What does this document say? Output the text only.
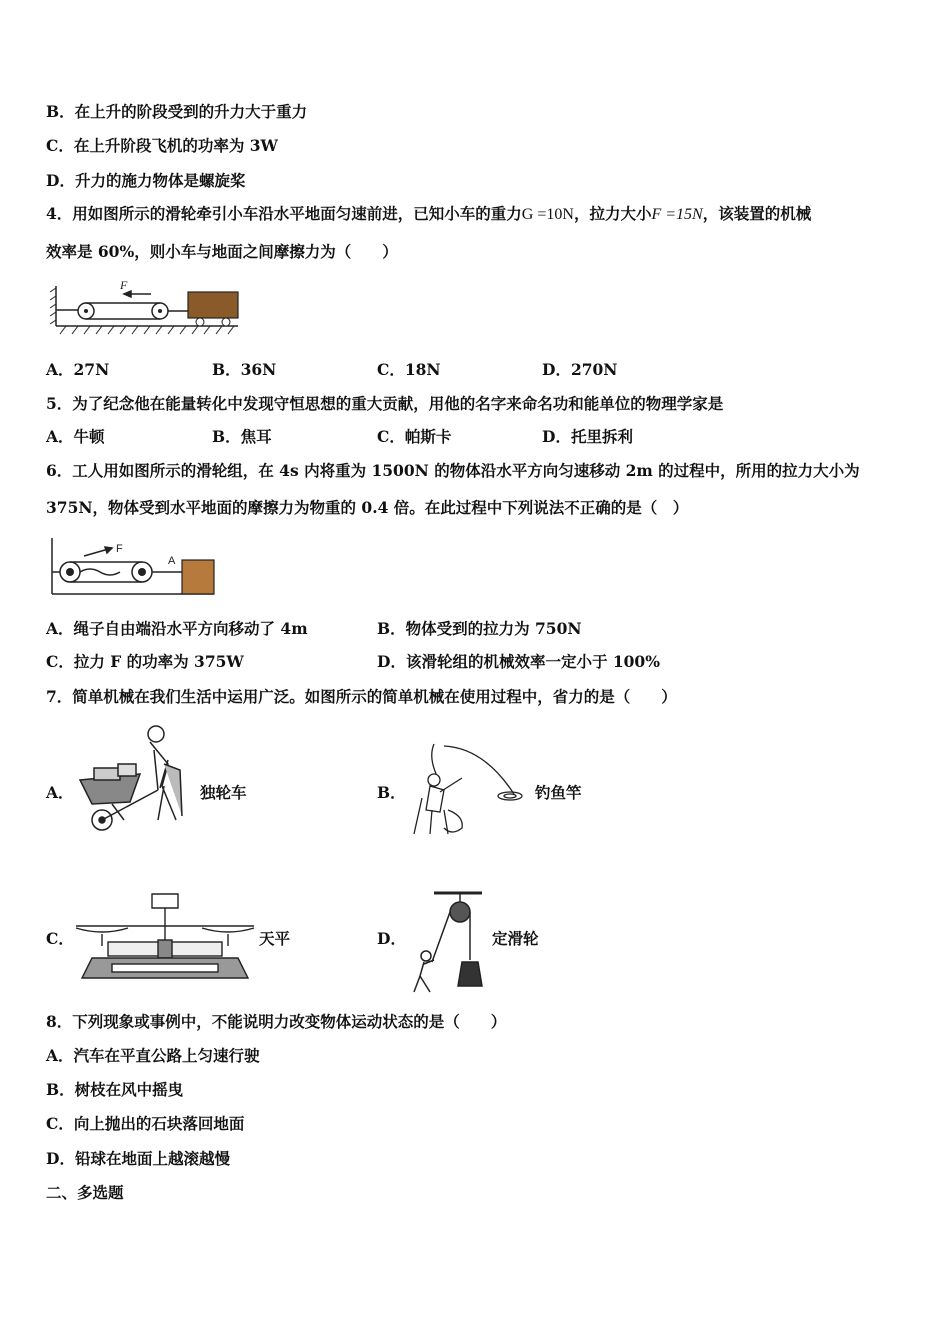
B．在上升的阶段受到的升力大于重力
C．在上升阶段飞机的功率为 3W
D．升力的施力物体是螺旋桨
4．用如图所示的滑轮牵引小车沿水平地面匀速前进，已知小车的重力G =10N，拉力大小F =15N，该装置的机械
效率是 60%，则小车与地面之间摩擦力为（　　）
F
A．27N	B．36N	C．18N	D．270N
5．为了纪念他在能量转化中发现守恒思想的重大贡献，用他的名字来命名功和能单位的物理学家是
A．牛顿	B．焦耳	C．帕斯卡	D．托里拆利
6．工人用如图所示的滑轮组，在 4s 内将重为 1500N 的物体沿水平方向匀速移动 2m 的过程中，所用的拉力大小为
375N，物体受到水平地面的摩擦力为物重的 0.4 倍。在此过程中下列说法不正确的是（　）
F
A
A．绳子自由端沿水平方向移动了 4m	B．物体受到的拉力为 750N
C．拉力 F 的功率为 375W	D．该滑轮组的机械效率一定小于 100%
7．简单机械在我们生活中运用广泛。如图所示的简单机械在使用过程中，省力的是（　　）
A．	独轮车	B．	钓鱼竿
C．	天平	D．	定滑轮
8．下列现象或事例中，不能说明力改变物体运动状态的是（　　）
A．汽车在平直公路上匀速行驶
B．树枝在风中摇曳
C．向上抛出的石块落回地面
D．铅球在地面上越滚越慢
二、多选题
